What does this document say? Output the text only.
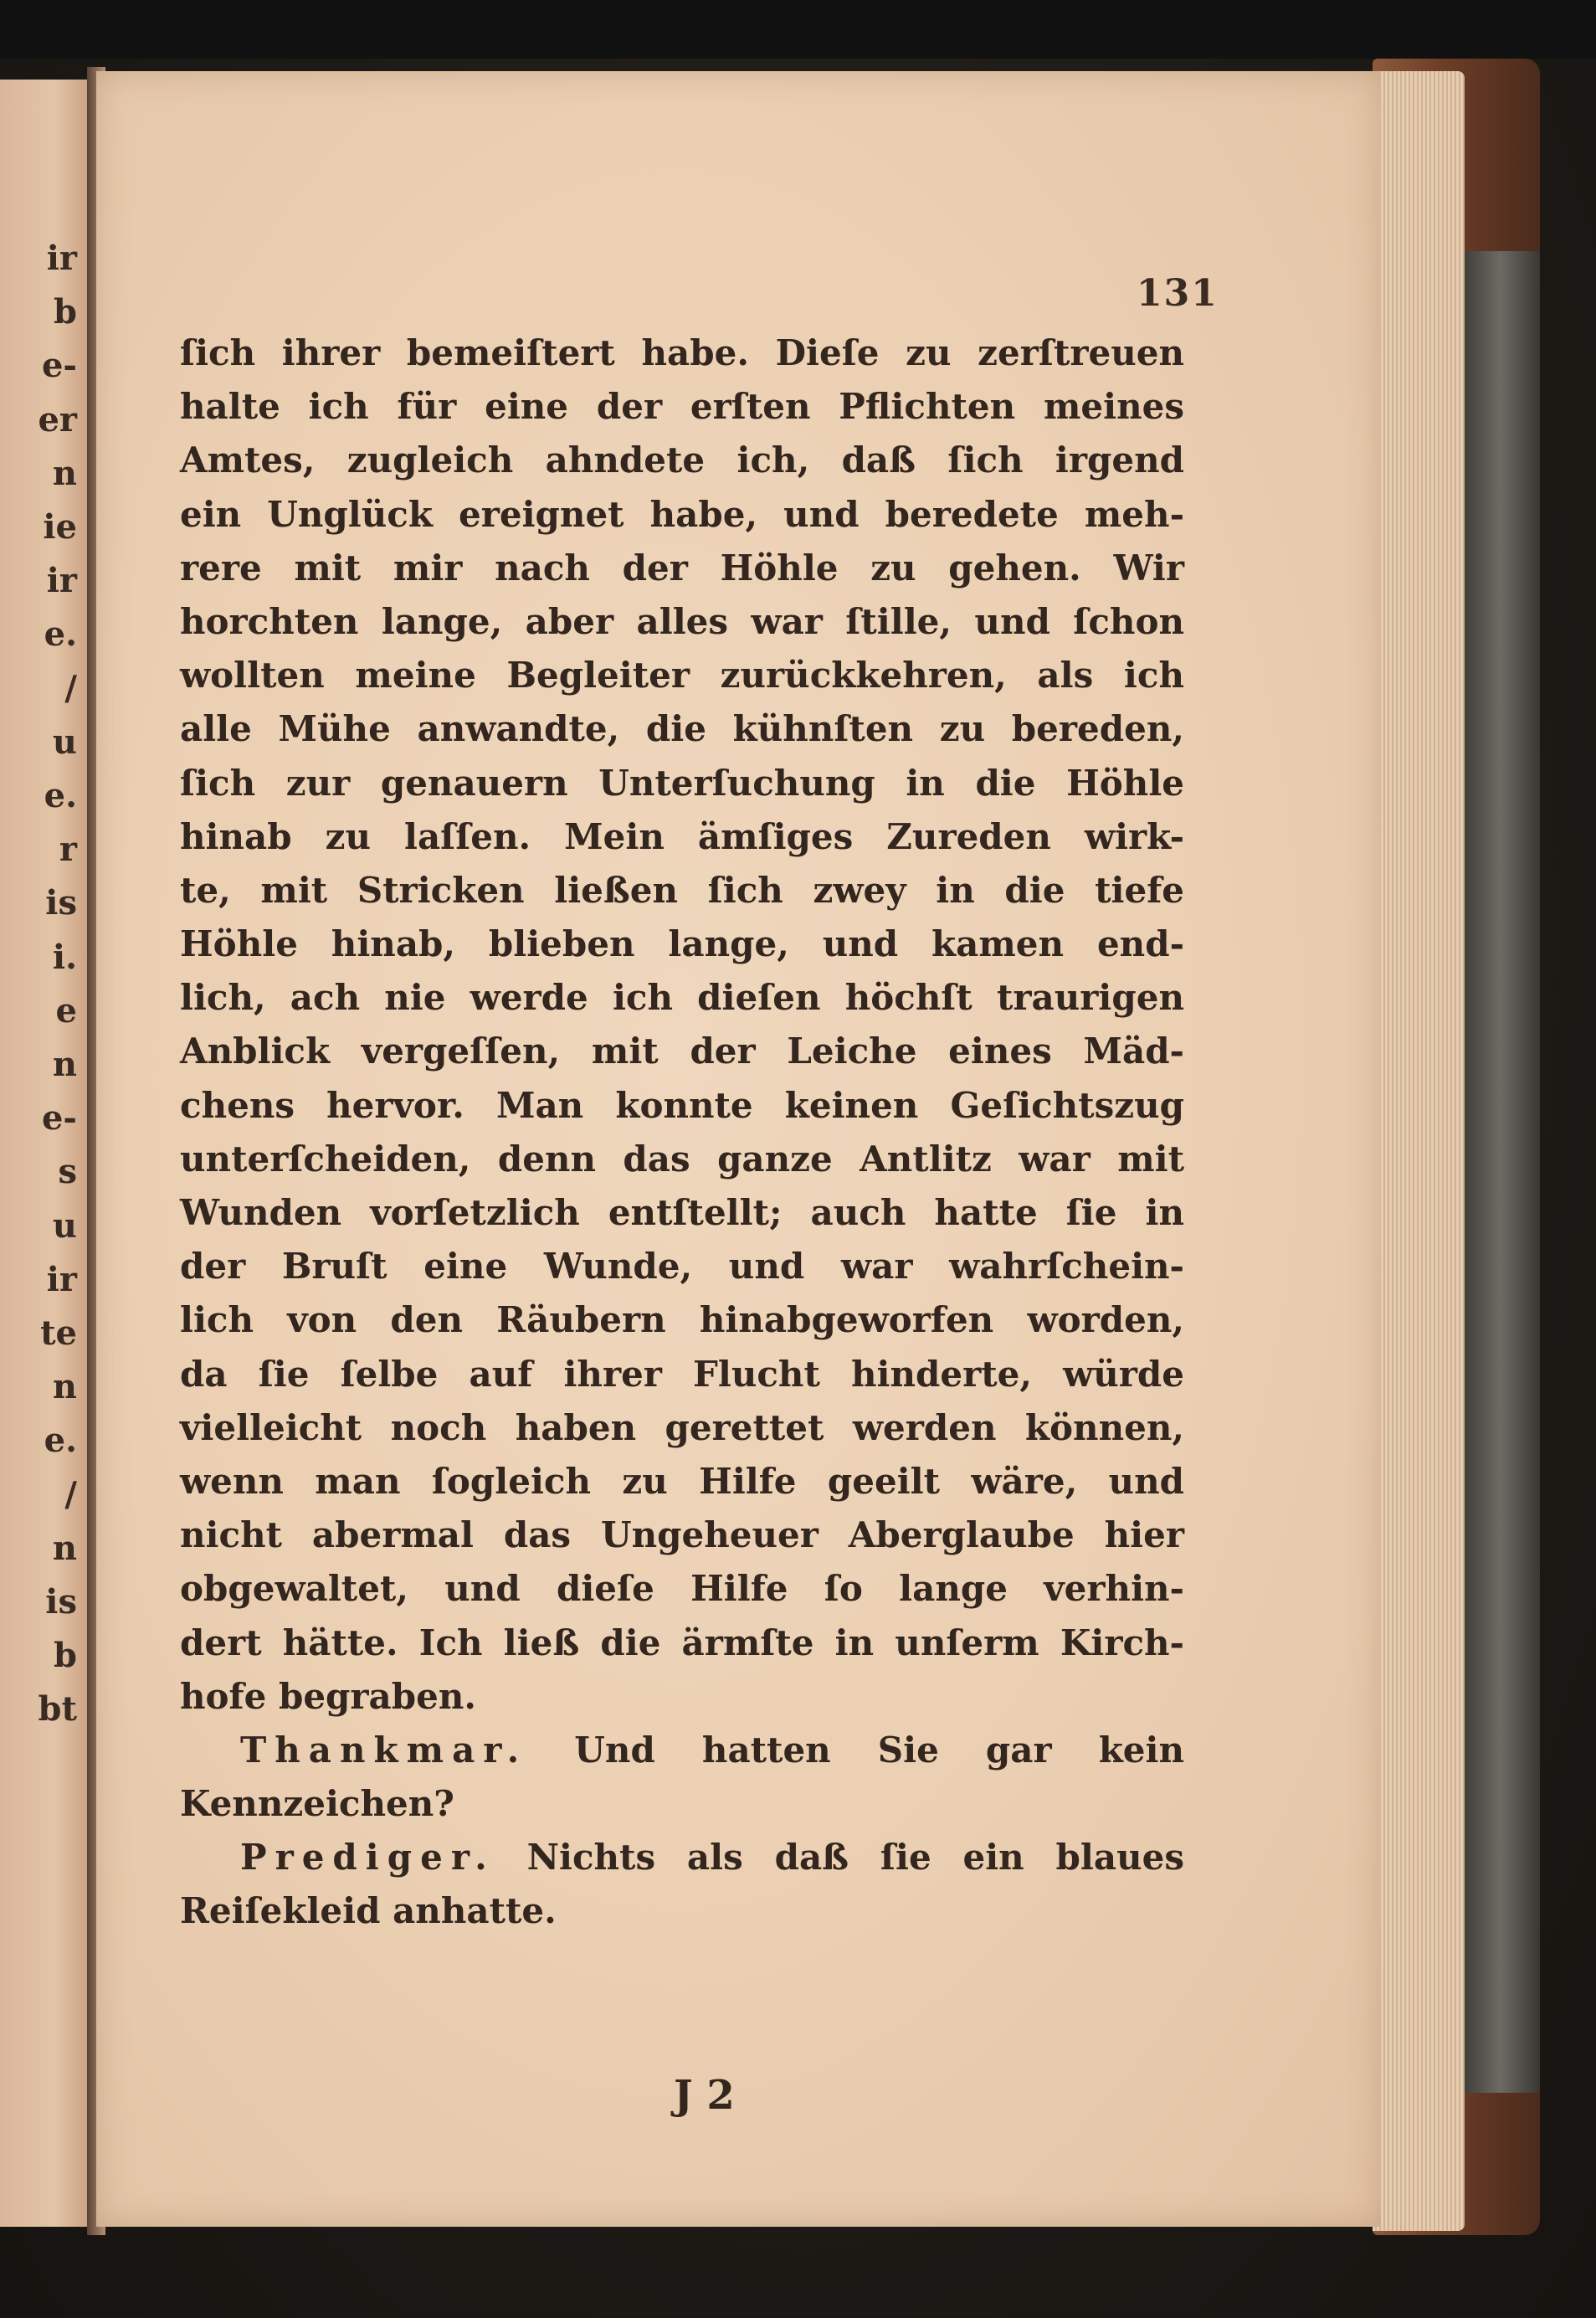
ir
b
e-
er
n
ie
ir
e.
/
u
e.
r
is
i.
e
n
e-
s
u
ir
te
n
e.
/
n
is
b
bt
131
ſich ihrer bemeiſtert habe. Dieſe zu zerſtreuen
halte ich für eine der erſten Pflichten meines
Amtes, zugleich ahndete ich, daß ſich irgend
ein Unglück ereignet habe, und beredete meh-
rere mit mir nach der Höhle zu gehen. Wir
horchten lange, aber alles war ſtille, und ſchon
wollten meine Begleiter zurückkehren, als ich
alle Mühe anwandte, die kühnſten zu bereden,
ſich zur genauern Unterſuchung in die Höhle
hinab zu laſſen. Mein ämſiges Zureden wirk-
te, mit Stricken ließen ſich zwey in die tiefe
Höhle hinab, blieben lange, und kamen end-
lich, ach nie werde ich dieſen höchſt traurigen
Anblick vergeſſen, mit der Leiche eines Mäd-
chens hervor. Man konnte keinen Geſichtszug
unterſcheiden, denn das ganze Antlitz war mit
Wunden vorſetzlich entſtellt; auch hatte ſie in
der Bruſt eine Wunde, und war wahrſchein-
lich von den Räubern hinabgeworfen worden,
da ſie ſelbe auf ihrer Flucht hinderte, würde
vielleicht noch haben gerettet werden können,
wenn man ſogleich zu Hilfe geeilt wäre, und
nicht abermal das Ungeheuer Aberglaube hier
obgewaltet, und dieſe Hilfe ſo lange verhin-
dert hätte. Ich ließ die ärmſte in unſerm Kirch-
hofe begraben.
Thankmar. Und hatten Sie gar kein
Kennzeichen?
Prediger. Nichts als daß ſie ein blaues
Reiſekleid anhatte.
J 2
